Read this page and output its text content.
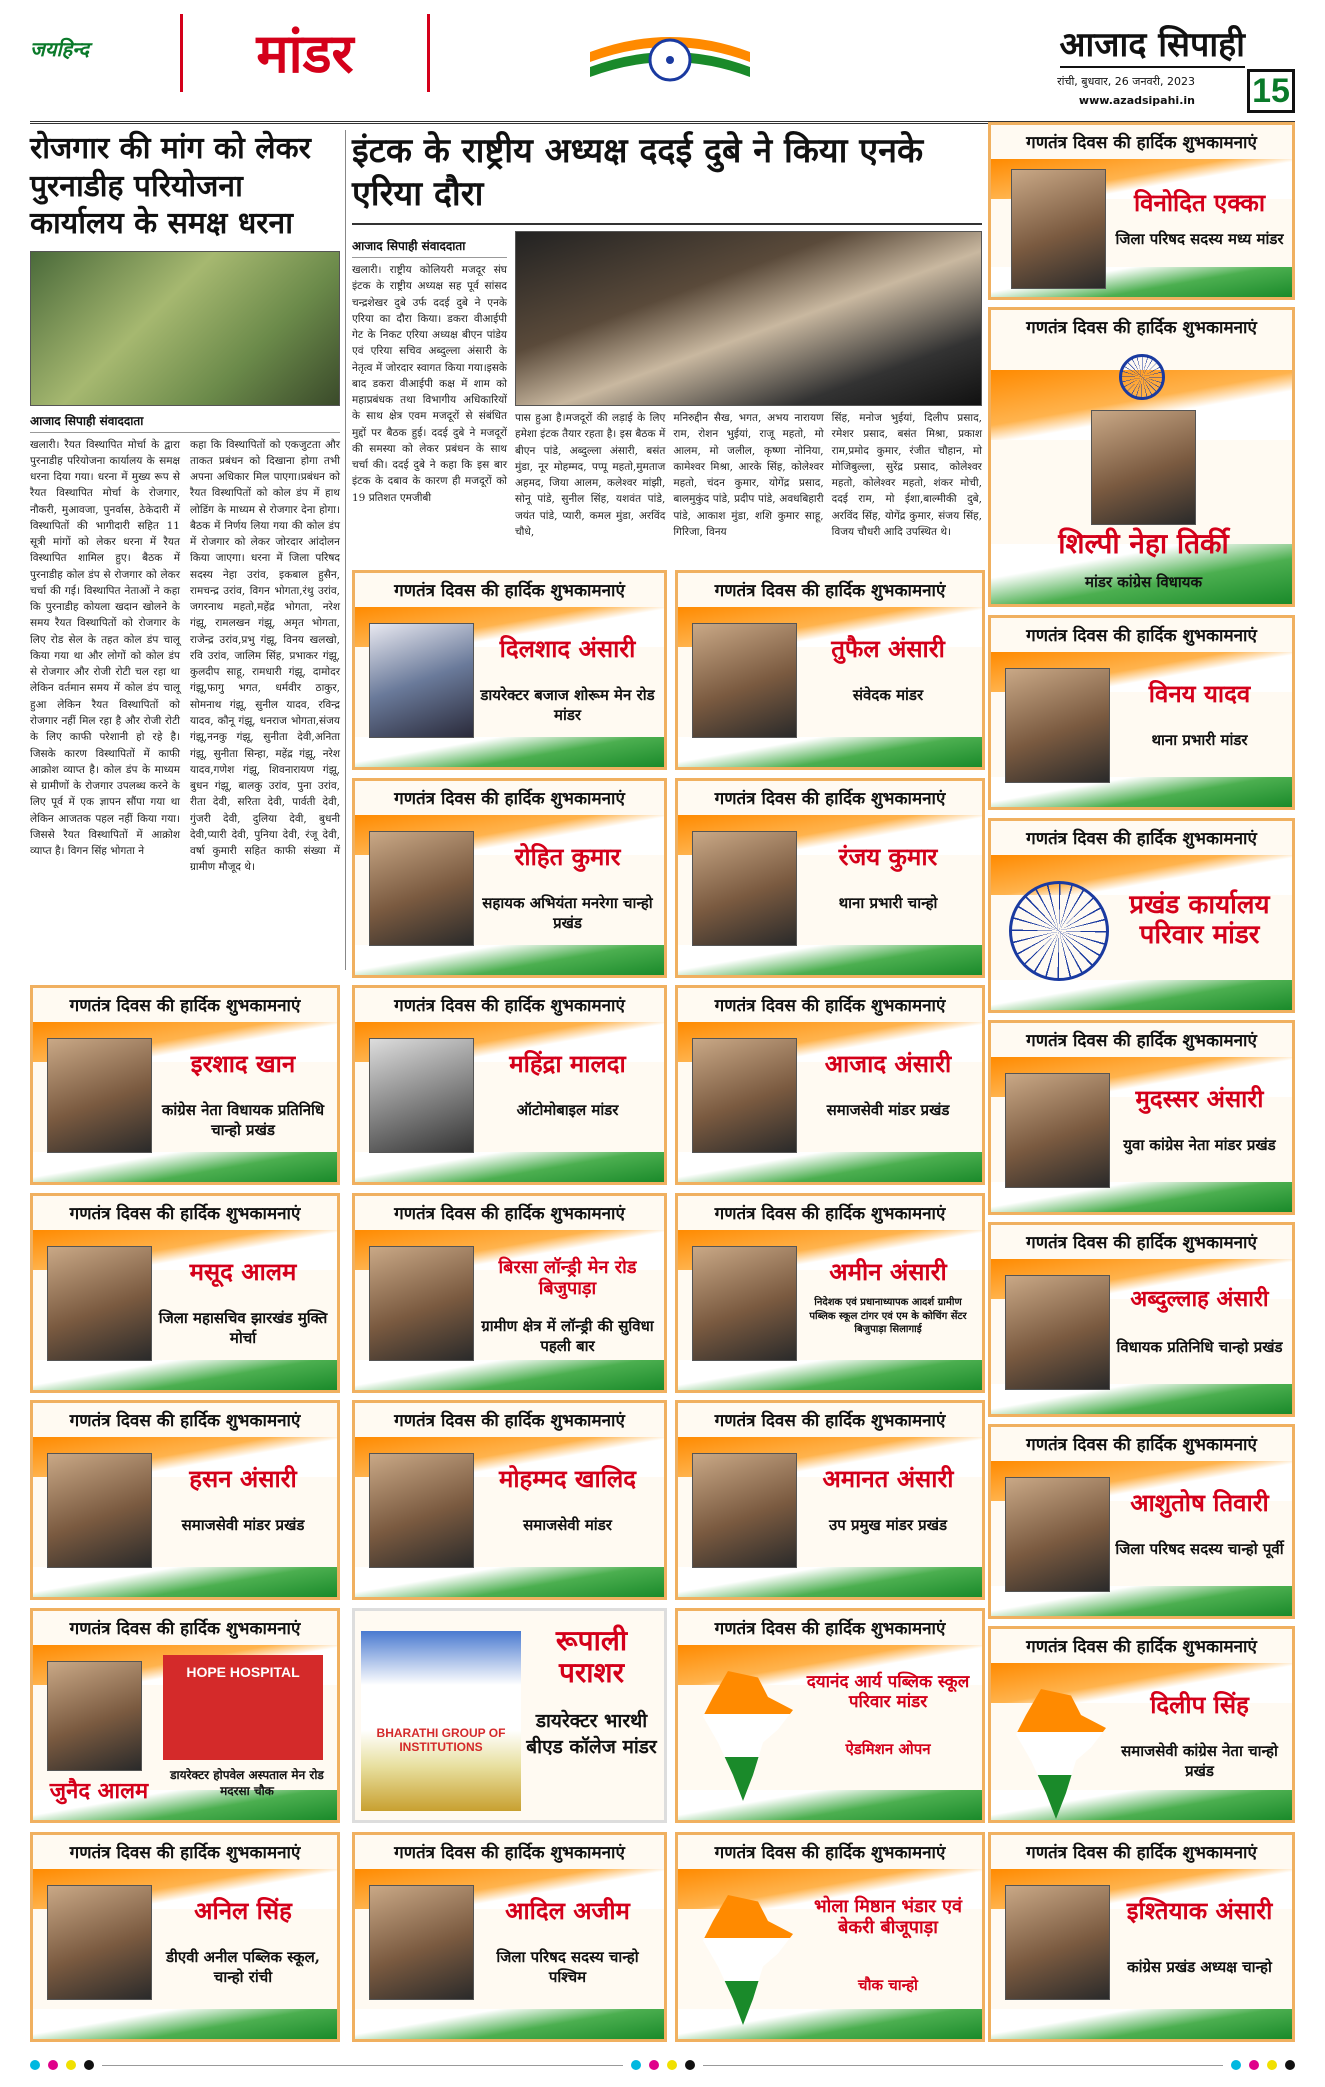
जयहिन्द	मांडर	आजाद सिपाही
रांची, बुधवार, 26 जनवरी, 2023
www.azadsipahi.in 15
रोजगार की मांग को लेकर पुरनाडीह परियोजना कार्यालय के समक्ष धरना
आजाद सिपाही संवाददाता
खलारी। रैयत विस्थापित मोर्चा के द्वारा पुरनाडीह परियोजना कार्यालय के समक्ष धरना दिया गया। धरना में मुख्य रूप से रैयत विस्थापित मोर्चा के रोजगार, नौकरी, मुआवजा, पुनर्वास, ठेकेदारी में विस्थापितों की भागीदारी सहित 11 सूत्री मांगों को लेकर धरना में रैयत विस्थापित शामिल हुए। बैठक में पुरनाडीह कोल डंप से रोजगार को लेकर चर्चा की गई। विस्थापित नेताओं ने कहा कि पुरनाडीह कोयला खदान खोलने के समय रैयत विस्थापितों को रोजगार के लिए रोड सेल के तहत कोल डंप चालू किया गया था और लोगों को कोल डंप से रोजगार और रोजी रोटी चल रहा था लेकिन वर्तमान समय में कोल डंप चालू हुआ लेकिन रैयत विस्थापितों को रोजगार नहीं मिल रहा है और रोजी रोटी के लिए काफी परेशानी हो रहे है। जिसके कारण विस्थापितों में काफी आक्रोश व्याप्त है। कोल डंप के माध्यम से ग्रामीणों के रोजगार उपलब्ध करने के लिए पूर्व में एक ज्ञापन सौंपा गया था लेकिन आजतक पहल नहीं किया गया। जिससे रैयत विस्थापितों में आक्रोश व्याप्त है। विगन सिंह भोगता ने
कहा कि विस्थापितों को एकजुटता और ताकत प्रबंधन को दिखाना होगा तभी अपना अधिकार मिल पाएगा।प्रबंधन को रैयत विस्थापितों को कोल डंप में हाथ लोडिंग के माध्यम से रोजगार देना होगा। बैठक में निर्णय लिया गया की कोल डंप में रोजगार को लेकर जोरदार आंदोलन किया जाएगा। धरना में जिला परिषद सदस्य नेहा उरांव, इकबाल हुसैन, रामचन्द्र उरांव, विगन भोगता,रंथु उरांव, जगरनाथ महतो,महेंद्र भोगता, नरेश गंझू, रामलखन गंझू, अमृत भोगता, राजेन्द्र उरांव,प्रभु गंझू, विनय खलखो, रवि उरांव, जालिम सिंह, प्रभाकर गंझू, कुलदीप साहू, रामधारी गंझू, दामोदर गंझू,फागु भगत, धर्मवीर ठाकुर, सोमनाथ गंझू, सुनील यादव, रविन्द्र यादव, कौनू गंझू, धनराज भोगता,संजय गंझू,ननकु गंझू, सुनीता देवी,अनिता गंझू, सुनीता सिन्हा, महेंद्र गंझू, नरेश यादव,गणेश गंझू, शिवनारायण गंझू, बुधन गंझू, बालकु उरांव, पुना उरांव, रीता देवी, सरिता देवी, पार्वती देवी, गुंजरी देवी, दुलिया देवी, बुधनी देवी,प्यारी देवी, पुनिया देवी, रंजू देवी, वर्षा कुमारी सहित काफी संख्या में ग्रामीण मौजूद थे।
इंटक के राष्ट्रीय अध्यक्ष ददई दुबे ने किया एनके एरिया दौरा
आजाद सिपाही संवाददाता
खलारी। राष्ट्रीय कोलियरी मजदूर संघ इंटक के राष्ट्रीय अध्यक्ष सह पूर्व सांसद चन्द्रशेखर दुबे उर्फ ददई दुबे ने एनके एरिया का दौरा किया। डकरा वीआईपी गेट के निकट एरिया अध्यक्ष बीएन पांडेय एवं एरिया सचिव अब्दुल्ला अंसारी के नेतृत्व में जोरदार स्वागत किया गया।इसके बाद डकरा वीआईपी कक्ष में शाम को महाप्रबंधक तथा विभागीय अधिकारियों के साथ क्षेत्र एवम मजदूरों से संबंधित मुद्दों पर बैठक हुई। ददई दुबे ने मजदूरों की समस्या को लेकर प्रबंधन के साथ चर्चा की। ददई दुबे ने कहा कि इस बार इंटक के दबाव के कारण ही मजदूरों को 19 प्रतिशत एमजीबी
पास हुआ है।मजदूरों की लड़ाई के लिए हमेशा इंटक तैयार रहता है। इस बैठक में बीएन पांडे, अब्दुल्ला अंसारी, बसंत मुंडा, नूर मोहम्मद, पप्पू महतो,मुमताज अहमद, जिया आलम, कलेश्वर मांझी, सोनू पांडे, सुनील सिंह, यशवंत पांडे, जयंत पांडे, प्यारी, कमल मुंडा, अरविंद चौधे,
मनिरुद्दीन सैख, भगत, अभय नारायण राम, रोशन भुईयां, राजू महतो, मो आलम, मो जलील, कृष्णा नोनिया, कामेश्वर मिश्रा, आरके सिंह, कोलेश्वर महतो, चंदन कुमार, योगेंद्र प्रसाद, बालमुकुंद पांडे, प्रदीप पांडे, अवधबिहारी पांडे, आकाश मुंडा, शशि कुमार साहू, गिरिजा, विनय
सिंह, मनोज भुईयां, दिलीप प्रसाद, रमेशर प्रसाद, बसंत मिश्रा, प्रकाश राम,प्रमोद कुमार, रंजीत चौहान, मो मोजिबुल्ला, सुरेंद्र प्रसाद, कोलेश्वर महतो, कोलेश्वर महतो, शंकर मोची, ददई राम, मो ईशा,बाल्मीकी दुबे, अरविंद सिंह, योगेंद्र कुमार, संजय सिंह, विजय चौधरी आदि उपस्थित थे।
गणतंत्र दिवस की हार्दिक शुभकामनाएं
विनोदित एक्का
जिला परिषद सदस्य मध्य मांडर
गणतंत्र दिवस की हार्दिक शुभकामनाएं
शिल्पी नेहा तिर्की
मांडर कांग्रेस विधायक
गणतंत्र दिवस की हार्दिक शुभकामनाएं
दिलशाद अंसारी
डायरेक्टर बजाज शोरूम मेन रोड मांडर
गणतंत्र दिवस की हार्दिक शुभकामनाएं
तुफैल अंसारी
संवेदक मांडर
गणतंत्र दिवस की हार्दिक शुभकामनाएं
विनय यादव
थाना प्रभारी मांडर
गणतंत्र दिवस की हार्दिक शुभकामनाएं
रोहित कुमार
सहायक अभियंता मनरेगा चान्हो प्रखंड
गणतंत्र दिवस की हार्दिक शुभकामनाएं
रंजय कुमार
थाना प्रभारी चान्हो
गणतंत्र दिवस की हार्दिक शुभकामनाएं
प्रखंड कार्यालय परिवार मांडर
गणतंत्र दिवस की हार्दिक शुभकामनाएं
इरशाद खान
कांग्रेस नेता विधायक प्रतिनिधि चान्हो प्रखंड
गणतंत्र दिवस की हार्दिक शुभकामनाएं
महिंद्रा मालदा
ऑटोमोबाइल मांडर
गणतंत्र दिवस की हार्दिक शुभकामनाएं
आजाद अंसारी
समाजसेवी मांडर प्रखंड
गणतंत्र दिवस की हार्दिक शुभकामनाएं
मुदस्सर अंसारी
युवा कांग्रेस नेता मांडर प्रखंड
गणतंत्र दिवस की हार्दिक शुभकामनाएं
मसूद आलम
जिला महासचिव झारखंड मुक्ति मोर्चा
गणतंत्र दिवस की हार्दिक शुभकामनाएं
बिरसा लॉन्ड्री मेन रोड बिजुपाड़ा
ग्रामीण क्षेत्र में लॉन्ड्री की सुविधा पहली बार
गणतंत्र दिवस की हार्दिक शुभकामनाएं
अमीन अंसारी
निदेशक एवं प्रधानाध्यापक आदर्श ग्रामीण पब्लिक स्कूल टांगर एवं एम के कोचिंग सेंटर बिजुपाड़ा सिलागाई
गणतंत्र दिवस की हार्दिक शुभकामनाएं
अब्दुल्लाह अंसारी
विधायक प्रतिनिधि चान्हो प्रखंड
गणतंत्र दिवस की हार्दिक शुभकामनाएं
हसन अंसारी
समाजसेवी मांडर प्रखंड
गणतंत्र दिवस की हार्दिक शुभकामनाएं
मोहम्मद खालिद
समाजसेवी मांडर
गणतंत्र दिवस की हार्दिक शुभकामनाएं
अमानत अंसारी
उप प्रमुख मांडर प्रखंड
गणतंत्र दिवस की हार्दिक शुभकामनाएं
आशुतोष तिवारी
जिला परिषद सदस्य चान्हो पूर्वी
गणतंत्र दिवस की हार्दिक शुभकामनाएं
HOPE HOSPITAL
जुनैद आलम
डायरेक्टर होपवेल अस्पताल मेन रोड मदरसा चौक
BHARATHI GROUP OF INSTITUTIONS
रूपाली पराशर
डायरेक्टर भारथी बीएड कॉलेज मांडर
गणतंत्र दिवस की हार्दिक शुभकामनाएं
दयानंद आर्य पब्लिक स्कूल परिवार मांडर
ऐडमिशन ओपन
गणतंत्र दिवस की हार्दिक शुभकामनाएं
दिलीप सिंह
समाजसेवी कांग्रेस नेता चान्हो प्रखंड
गणतंत्र दिवस की हार्दिक शुभकामनाएं
अनिल सिंह
डीएवी अनील पब्लिक स्कूल, चान्हो रांची
गणतंत्र दिवस की हार्दिक शुभकामनाएं
आदिल अजीम
जिला परिषद सदस्य चान्हो पश्चिम
गणतंत्र दिवस की हार्दिक शुभकामनाएं
भोला मिष्ठान भंडार एवं बेकरी बीजूपाड़ा
चौक चान्हो
गणतंत्र दिवस की हार्दिक शुभकामनाएं
इश्तियाक अंसारी
कांग्रेस प्रखंड अध्यक्ष चान्हो
